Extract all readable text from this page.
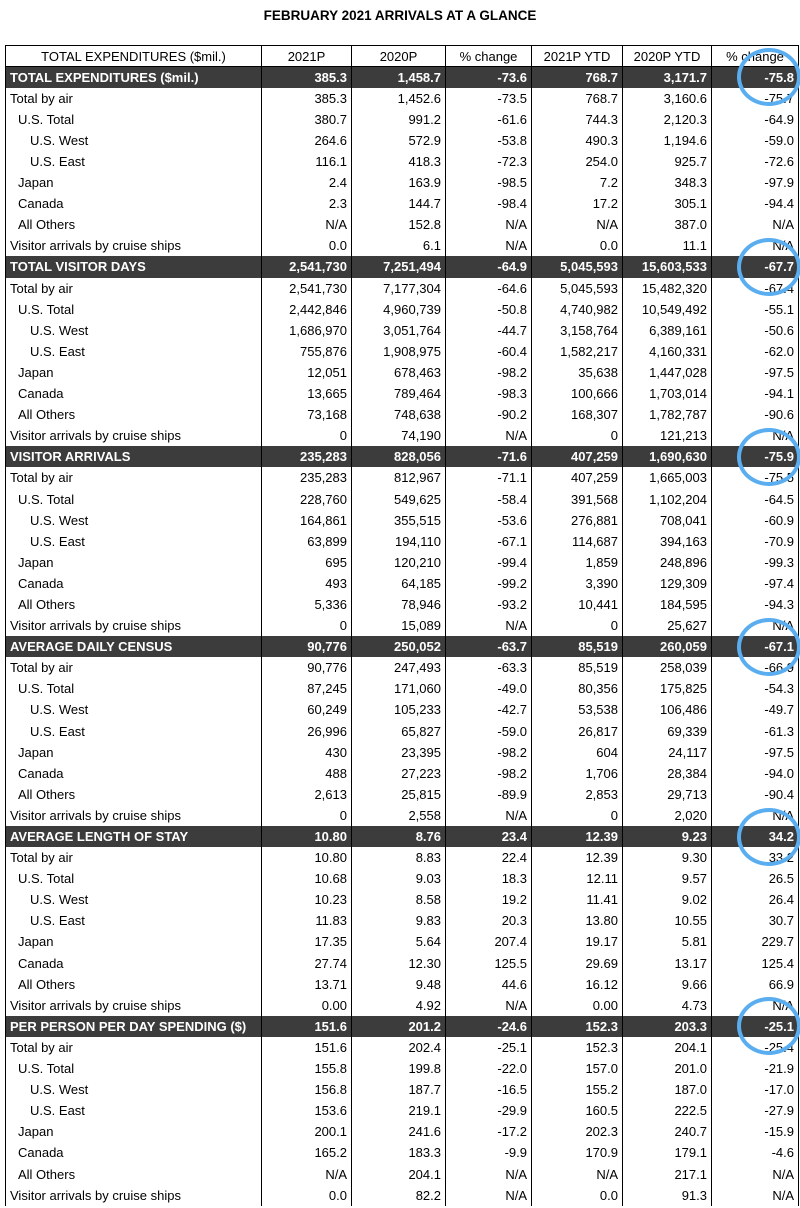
FEBRUARY 2021 ARRIVALS AT A GLANCE
TOTAL EXPENDITURES ($mil.)	2021P	2020P	% change	2021P YTD	2020P YTD	% change
TOTAL EXPENDITURES ($mil.)	385.3	1,458.7	-73.6	768.7	3,171.7	-75.8
Total by air	385.3	1,452.6	-73.5	768.7	3,160.6	-75.7
U.S. Total	380.7	991.2	-61.6	744.3	2,120.3	-64.9
U.S. West	264.6	572.9	-53.8	490.3	1,194.6	-59.0
U.S. East	116.1	418.3	-72.3	254.0	925.7	-72.6
Japan	2.4	163.9	-98.5	7.2	348.3	-97.9
Canada	2.3	144.7	-98.4	17.2	305.1	-94.4
All Others	N/A	152.8	N/A	N/A	387.0	N/A
Visitor arrivals by cruise ships	0.0	6.1	N/A	0.0	11.1	N/A
TOTAL VISITOR DAYS	2,541,730	7,251,494	-64.9	5,045,593	15,603,533	-67.7
Total by air	2,541,730	7,177,304	-64.6	5,045,593	15,482,320	-67.4
U.S. Total	2,442,846	4,960,739	-50.8	4,740,982	10,549,492	-55.1
U.S. West	1,686,970	3,051,764	-44.7	3,158,764	6,389,161	-50.6
U.S. East	755,876	1,908,975	-60.4	1,582,217	4,160,331	-62.0
Japan	12,051	678,463	-98.2	35,638	1,447,028	-97.5
Canada	13,665	789,464	-98.3	100,666	1,703,014	-94.1
All Others	73,168	748,638	-90.2	168,307	1,782,787	-90.6
Visitor arrivals by cruise ships	0	74,190	N/A	0	121,213	N/A
VISITOR ARRIVALS	235,283	828,056	-71.6	407,259	1,690,630	-75.9
Total by air	235,283	812,967	-71.1	407,259	1,665,003	-75.5
U.S. Total	228,760	549,625	-58.4	391,568	1,102,204	-64.5
U.S. West	164,861	355,515	-53.6	276,881	708,041	-60.9
U.S. East	63,899	194,110	-67.1	114,687	394,163	-70.9
Japan	695	120,210	-99.4	1,859	248,896	-99.3
Canada	493	64,185	-99.2	3,390	129,309	-97.4
All Others	5,336	78,946	-93.2	10,441	184,595	-94.3
Visitor arrivals by cruise ships	0	15,089	N/A	0	25,627	N/A
AVERAGE DAILY CENSUS	90,776	250,052	-63.7	85,519	260,059	-67.1
Total by air	90,776	247,493	-63.3	85,519	258,039	-66.9
U.S. Total	87,245	171,060	-49.0	80,356	175,825	-54.3
U.S. West	60,249	105,233	-42.7	53,538	106,486	-49.7
U.S. East	26,996	65,827	-59.0	26,817	69,339	-61.3
Japan	430	23,395	-98.2	604	24,117	-97.5
Canada	488	27,223	-98.2	1,706	28,384	-94.0
All Others	2,613	25,815	-89.9	2,853	29,713	-90.4
Visitor arrivals by cruise ships	0	2,558	N/A	0	2,020	N/A
AVERAGE LENGTH OF STAY	10.80	8.76	23.4	12.39	9.23	34.2
Total by air	10.80	8.83	22.4	12.39	9.30	33.2
U.S. Total	10.68	9.03	18.3	12.11	9.57	26.5
U.S. West	10.23	8.58	19.2	11.41	9.02	26.4
U.S. East	11.83	9.83	20.3	13.80	10.55	30.7
Japan	17.35	5.64	207.4	19.17	5.81	229.7
Canada	27.74	12.30	125.5	29.69	13.17	125.4
All Others	13.71	9.48	44.6	16.12	9.66	66.9
Visitor arrivals by cruise ships	0.00	4.92	N/A	0.00	4.73	N/A
PER PERSON PER DAY SPENDING ($)	151.6	201.2	-24.6	152.3	203.3	-25.1
Total by air	151.6	202.4	-25.1	152.3	204.1	-25.4
U.S. Total	155.8	199.8	-22.0	157.0	201.0	-21.9
U.S. West	156.8	187.7	-16.5	155.2	187.0	-17.0
U.S. East	153.6	219.1	-29.9	160.5	222.5	-27.9
Japan	200.1	241.6	-17.2	202.3	240.7	-15.9
Canada	165.2	183.3	-9.9	170.9	179.1	-4.6
All Others	N/A	204.1	N/A	N/A	217.1	N/A
Visitor arrivals by cruise ships	0.0	82.2	N/A	0.0	91.3	N/A
